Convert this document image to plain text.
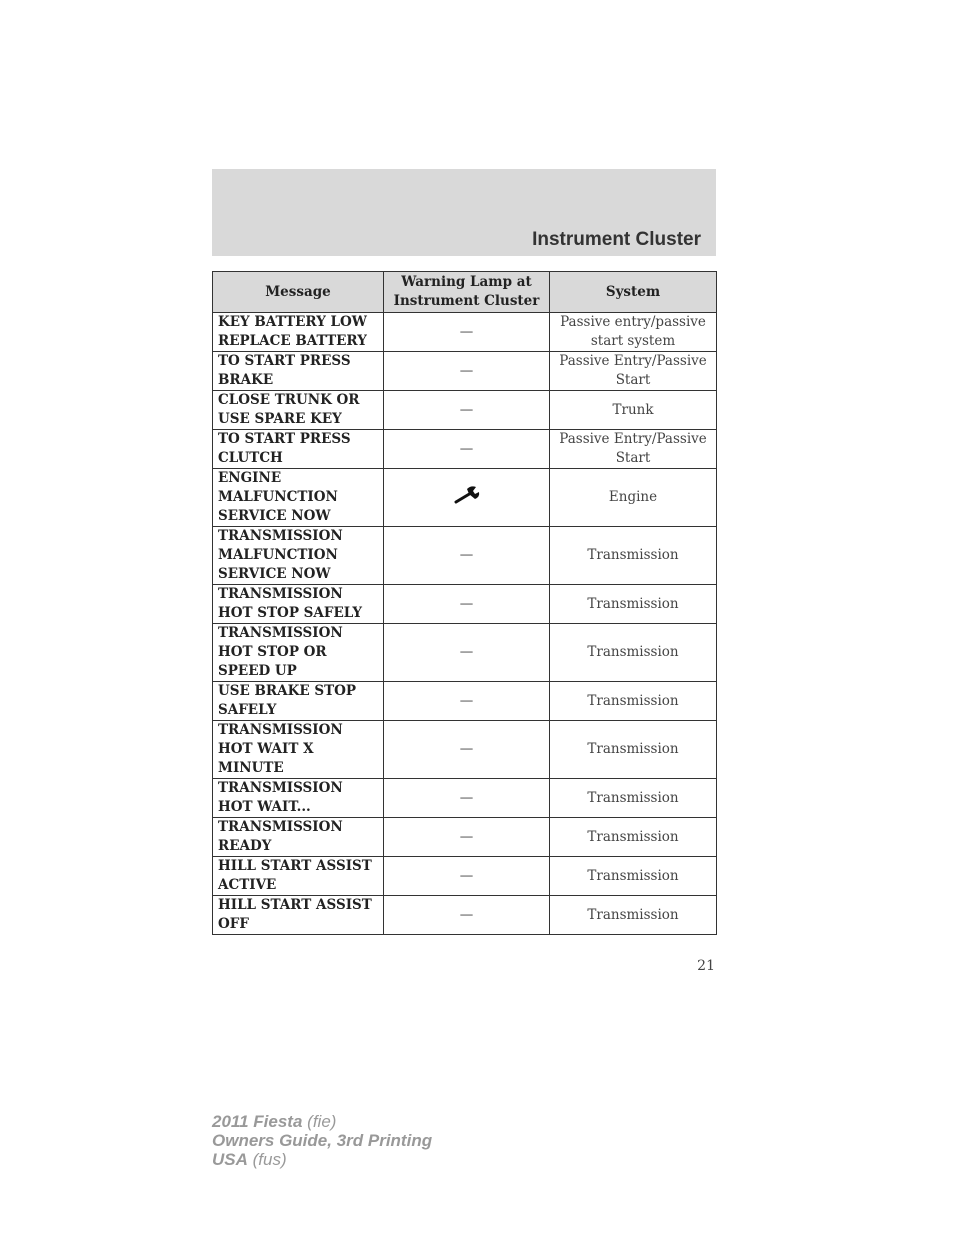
Instrument Cluster
Message	Warning Lamp at Instrument Cluster	System
KEY BATTERY LOW REPLACE BATTERY	—	Passive entry/passive start system
TO START PRESS BRAKE	—	Passive Entry/Passive Start
CLOSE TRUNK OR USE SPARE KEY	—	Trunk
TO START PRESS CLUTCH	—	Passive Entry/Passive Start
ENGINE MALFUNCTION SERVICE NOW		Engine
TRANSMISSION MALFUNCTION SERVICE NOW	—	Transmission
TRANSMISSION HOT STOP SAFELY	—	Transmission
TRANSMISSION HOT STOP OR SPEED UP	—	Transmission
USE BRAKE STOP SAFELY	—	Transmission
TRANSMISSION HOT WAIT X MINUTE	—	Transmission
TRANSMISSION HOT WAIT...	—	Transmission
TRANSMISSION READY	—	Transmission
HILL START ASSIST ACTIVE	—	Transmission
HILL START ASSIST OFF	—	Transmission
21
2011 Fiesta (fie)
Owners Guide, 3rd Printing
USA (fus)
